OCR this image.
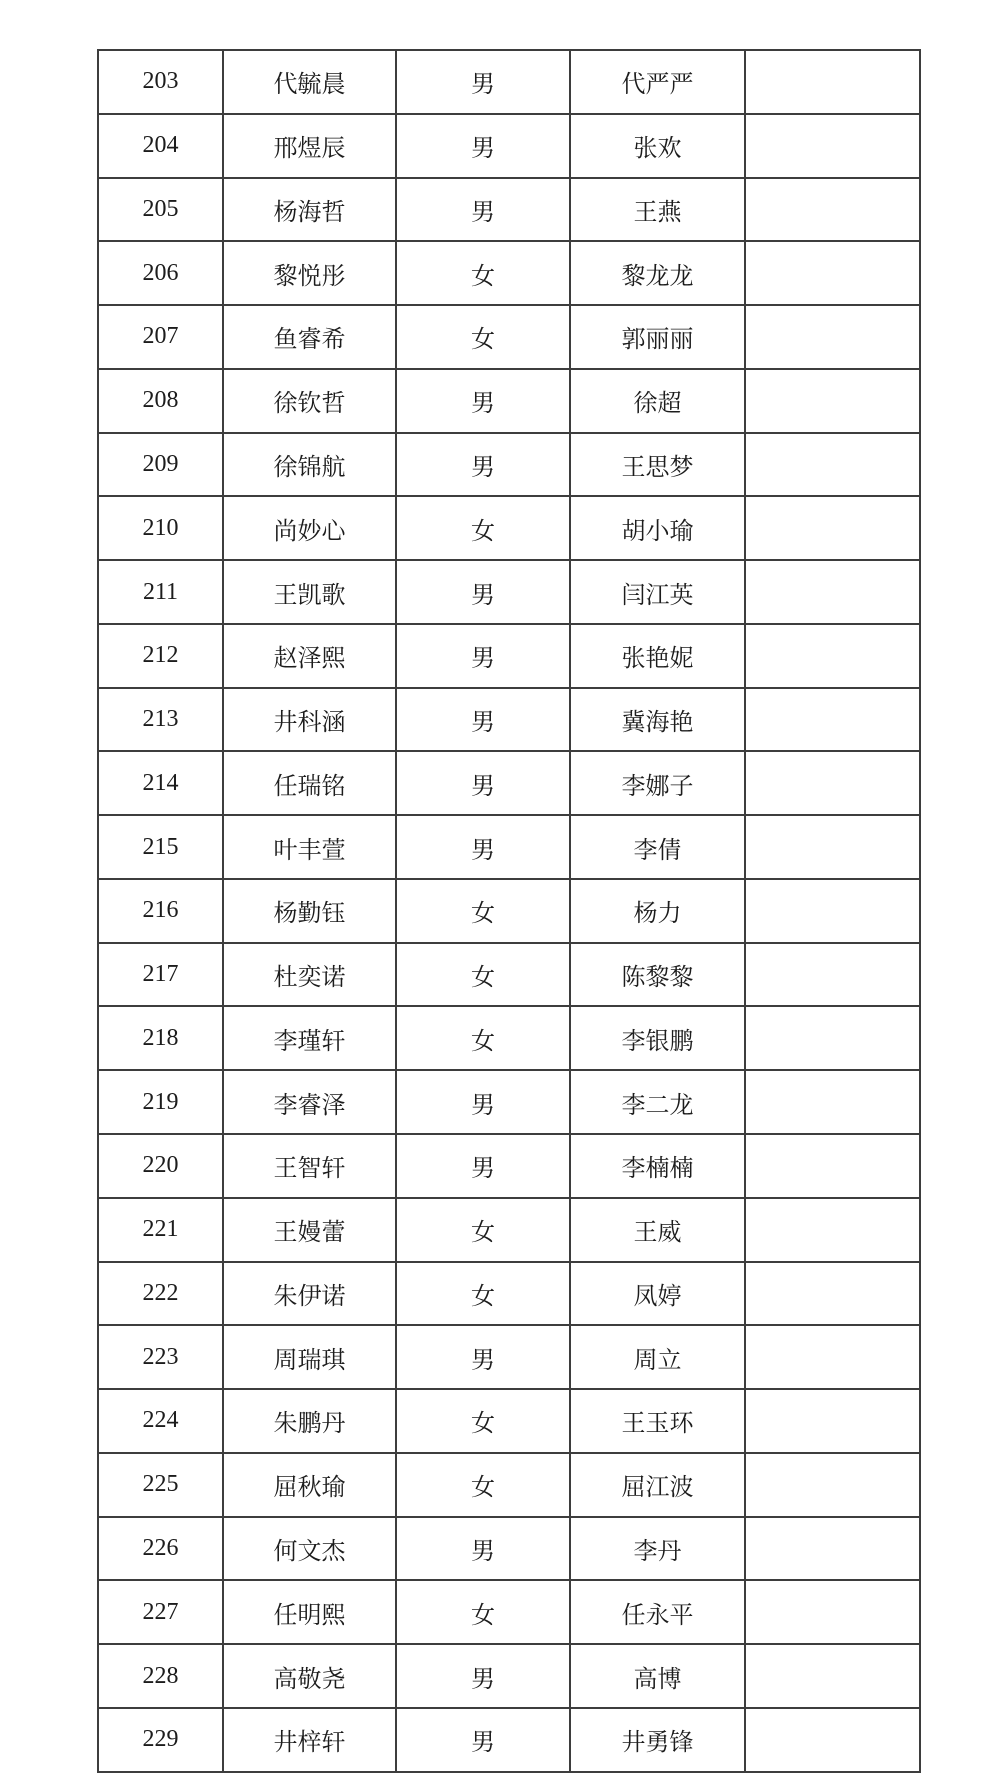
203	代毓晨	男	代严严	
204	邢煜辰	男	张欢	
205	杨海哲	男	王燕	
206	黎悦彤	女	黎龙龙	
207	鱼睿希	女	郭丽丽	
208	徐钦哲	男	徐超	
209	徐锦航	男	王思梦	
210	尚妙心	女	胡小瑜	
211	王凯歌	男	闫江英	
212	赵泽熙	男	张艳妮	
213	井科涵	男	冀海艳	
214	任瑞铭	男	李娜子	
215	叶丰萱	男	李倩	
216	杨勤钰	女	杨力	
217	杜奕诺	女	陈黎黎	
218	李瑾轩	女	李银鹏	
219	李睿泽	男	李二龙	
220	王智轩	男	李楠楠	
221	王嫚蕾	女	王威	
222	朱伊诺	女	凤婷	
223	周瑞琪	男	周立	
224	朱鹏丹	女	王玉环	
225	屈秋瑜	女	屈江波	
226	何文杰	男	李丹	
227	任明熙	女	任永平	
228	高敬尧	男	高博	
229	井梓轩	男	井勇锋	
